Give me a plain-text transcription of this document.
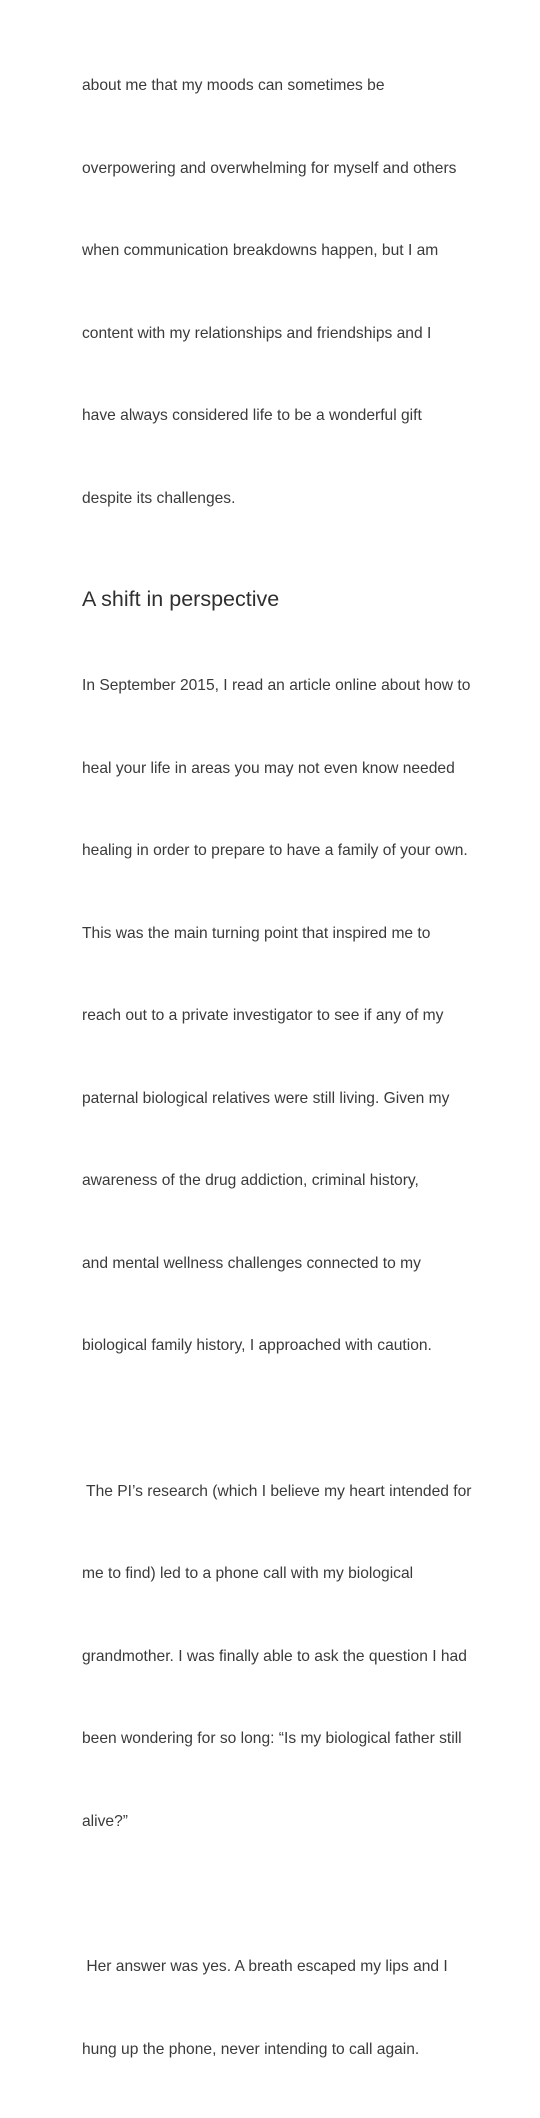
about me that my moods can sometimes be

overpowering and overwhelming for myself and others

when communication breakdowns happen, but I am

content with my relationships and friendships and I

have always considered life to be a wonderful gift

despite its challenges.

A shift in perspective

In September 2015, I read an article online about how to

heal your life in areas you may not even know needed

healing in order to prepare to have a family of your own.

This was the main turning point that inspired me to

reach out to a private investigator to see if any of my

paternal biological relatives were still living. Given my

awareness of the drug addiction, criminal history,

and mental wellness challenges connected to my

biological family history, I approached with caution.

The PI’s research (which I believe my heart intended for

me to find) led to a phone call with my biological

grandmother. I was finally able to ask the question I had

been wondering for so long: “Is my biological father still

alive?”

Her answer was yes. A breath escaped my lips and I

hung up the phone, never intending to call again.
